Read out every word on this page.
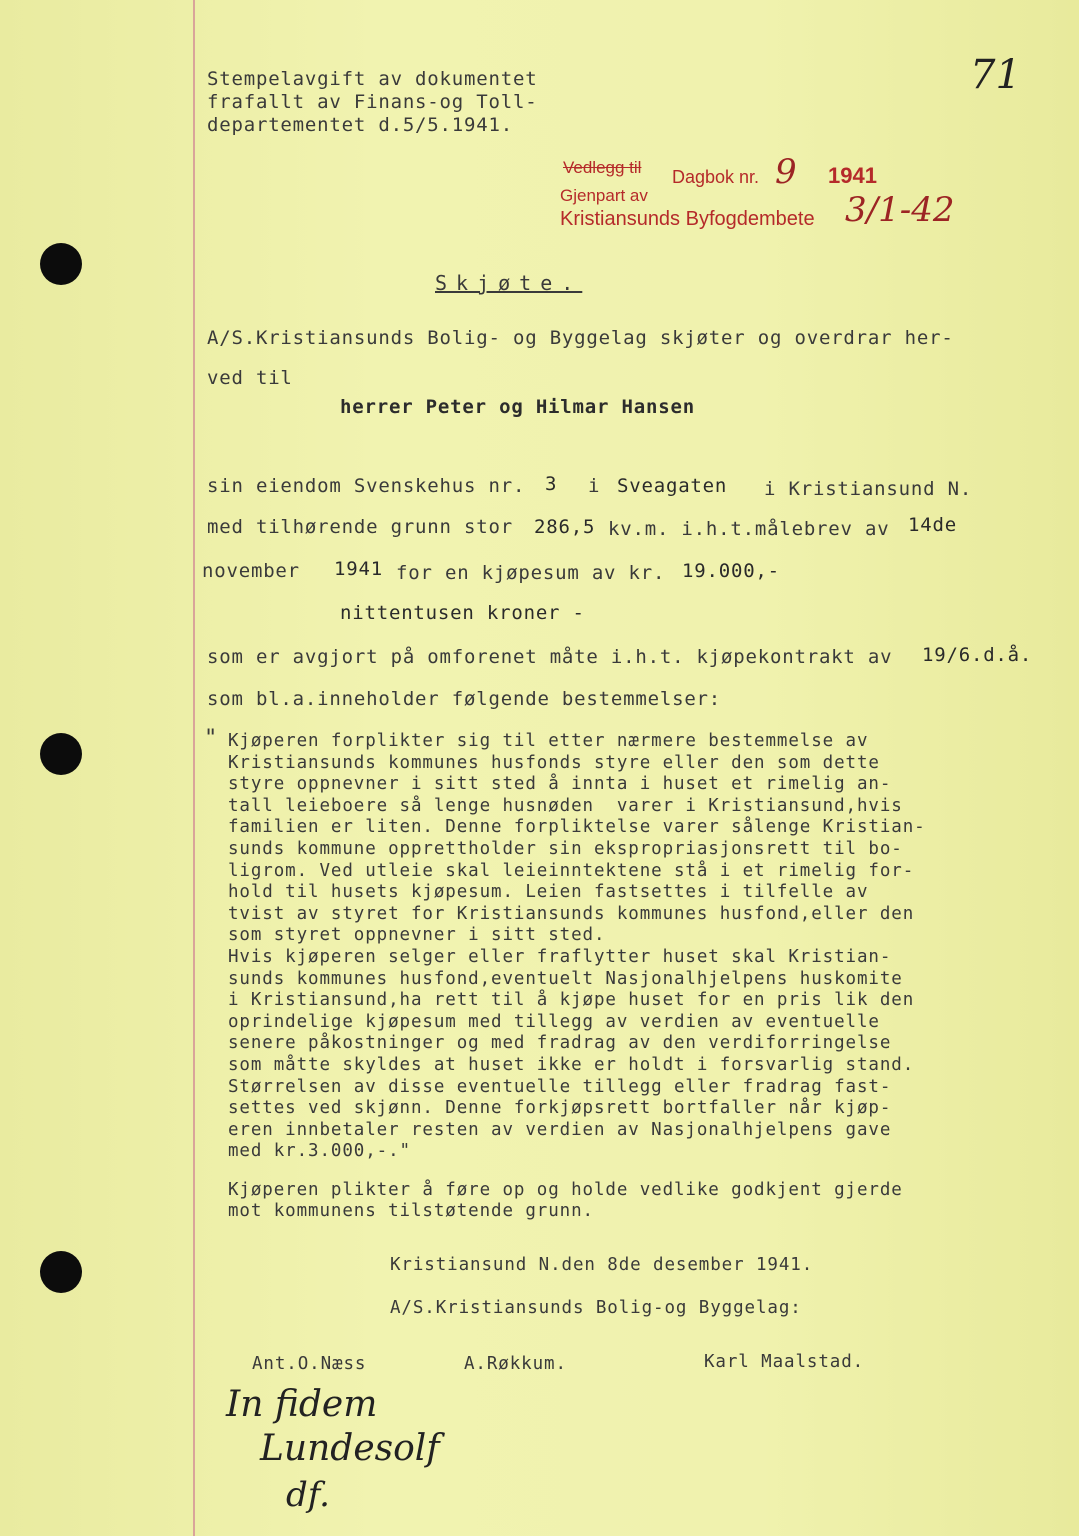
71
Stempelavgift av dokumentet
frafallt av Finans-og Toll-
departementet d.5/5.1941.
Vedlegg til Dagbok nr. 9 1941
Gjenpart av
Kristiansunds Byfogdembete 3/1-42
Skjøte.
A/S.Kristiansunds Bolig- og Byggelag skjøter og overdrar her-
ved til
herrer Peter og Hilmar Hansen
sin eiendom Svenskehus nr. 3 i Sveagaten i Kristiansund N.
med tilhørende grunn stor 286,5 kv.m. i.h.t.målebrev av 14de
november 1941 for en kjøpesum av kr. 19.000,-
nittentusen kroner -
som er avgjort på omforenet måte i.h.t. kjøpekontrakt av 19/6.d.å.
som bl.a.inneholder følgende bestemmelser:
" Kjøperen forplikter sig til etter nærmere bestemmelse av
Kristiansunds kommunes husfonds styre eller den som dette
styre oppnevner i sitt sted å innta i huset et rimelig an-
tall leieboere så lenge husnøden  varer i Kristiansund,hvis
familien er liten. Denne forpliktelse varer sålenge Kristian-
sunds kommune opprettholder sin ekspropriasjonsrett til bo-
ligrom. Ved utleie skal leieinntektene stå i et rimelig for-
hold til husets kjøpesum. Leien fastsettes i tilfelle av
tvist av styret for Kristiansunds kommunes husfond,eller den
som styret oppnevner i sitt sted.
Hvis kjøperen selger eller fraflytter huset skal Kristian-
sunds kommunes husfond,eventuelt Nasjonalhjelpens huskomite
i Kristiansund,ha rett til å kjøpe huset for en pris lik den
oprindelige kjøpesum med tillegg av verdien av eventuelle
senere påkostninger og med fradrag av den verdiforringelse
som måtte skyldes at huset ikke er holdt i forsvarlig stand.
Størrelsen av disse eventuelle tillegg eller fradrag fast-
settes ved skjønn. Denne forkjøpsrett bortfaller når kjøp-
eren innbetaler resten av verdien av Nasjonalhjelpens gave
med kr.3.000,-."
Kjøperen plikter å føre op og holde vedlike godkjent gjerde
mot kommunens tilstøtende grunn.
Kristiansund N.den 8de desember 1941.
A/S.Kristiansunds Bolig-og Byggelag:
Ant.O.Næss	A.Røkkum.	Karl Maalstad.
In fidem
Lundesolf
df.
